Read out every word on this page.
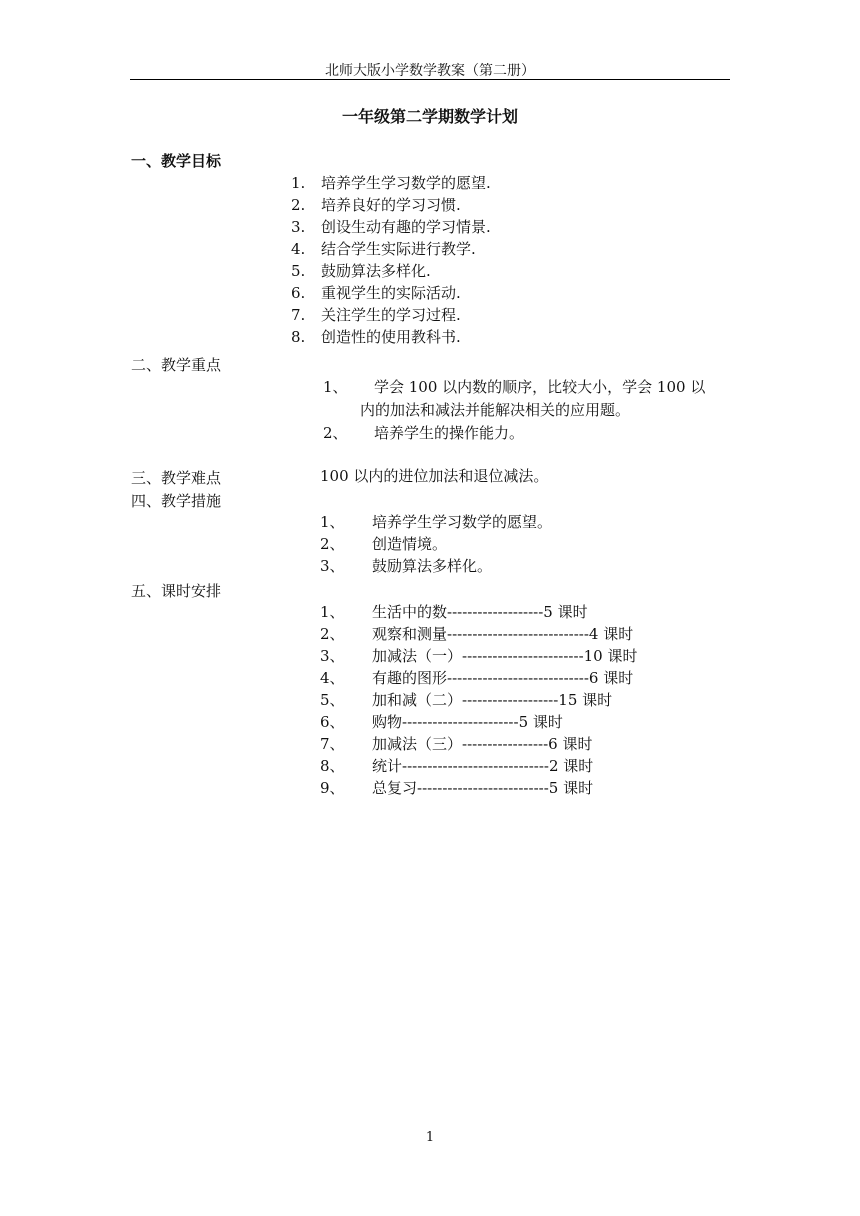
北师大版小学数学教案（第二册）
一年级第二学期数学计划
一、教学目标
1. 培养学生学习数学的愿望.
2. 培养良好的学习习惯.
3. 创设生动有趣的学习情景.
4. 结合学生实际进行教学.
5. 鼓励算法多样化.
6. 重视学生的实际活动.
7. 关注学生的学习过程.
8. 创造性的使用教科书.
二、教学重点
1、 学会 100 以内数的顺序，比较大小，学会 100 以
内的加法和减法并能解决相关的应用题。
2、 培养学生的操作能力。
三、教学难点	100 以内的进位加法和退位减法。
四、教学措施
1、 培养学生学习数学的愿望。
2、 创造情境。
3、 鼓励算法多样化。
五、课时安排
1、 生活中的数-------------------5 课时
2、 观察和测量----------------------------4 课时
3、 加减法（一）------------------------10 课时
4、 有趣的图形----------------------------6 课时
5、 加和减（二）-------------------15 课时
6、 购物-----------------------5 课时
7、 加减法（三）-----------------6 课时
8、 统计-----------------------------2 课时
9、 总复习--------------------------5 课时
1
